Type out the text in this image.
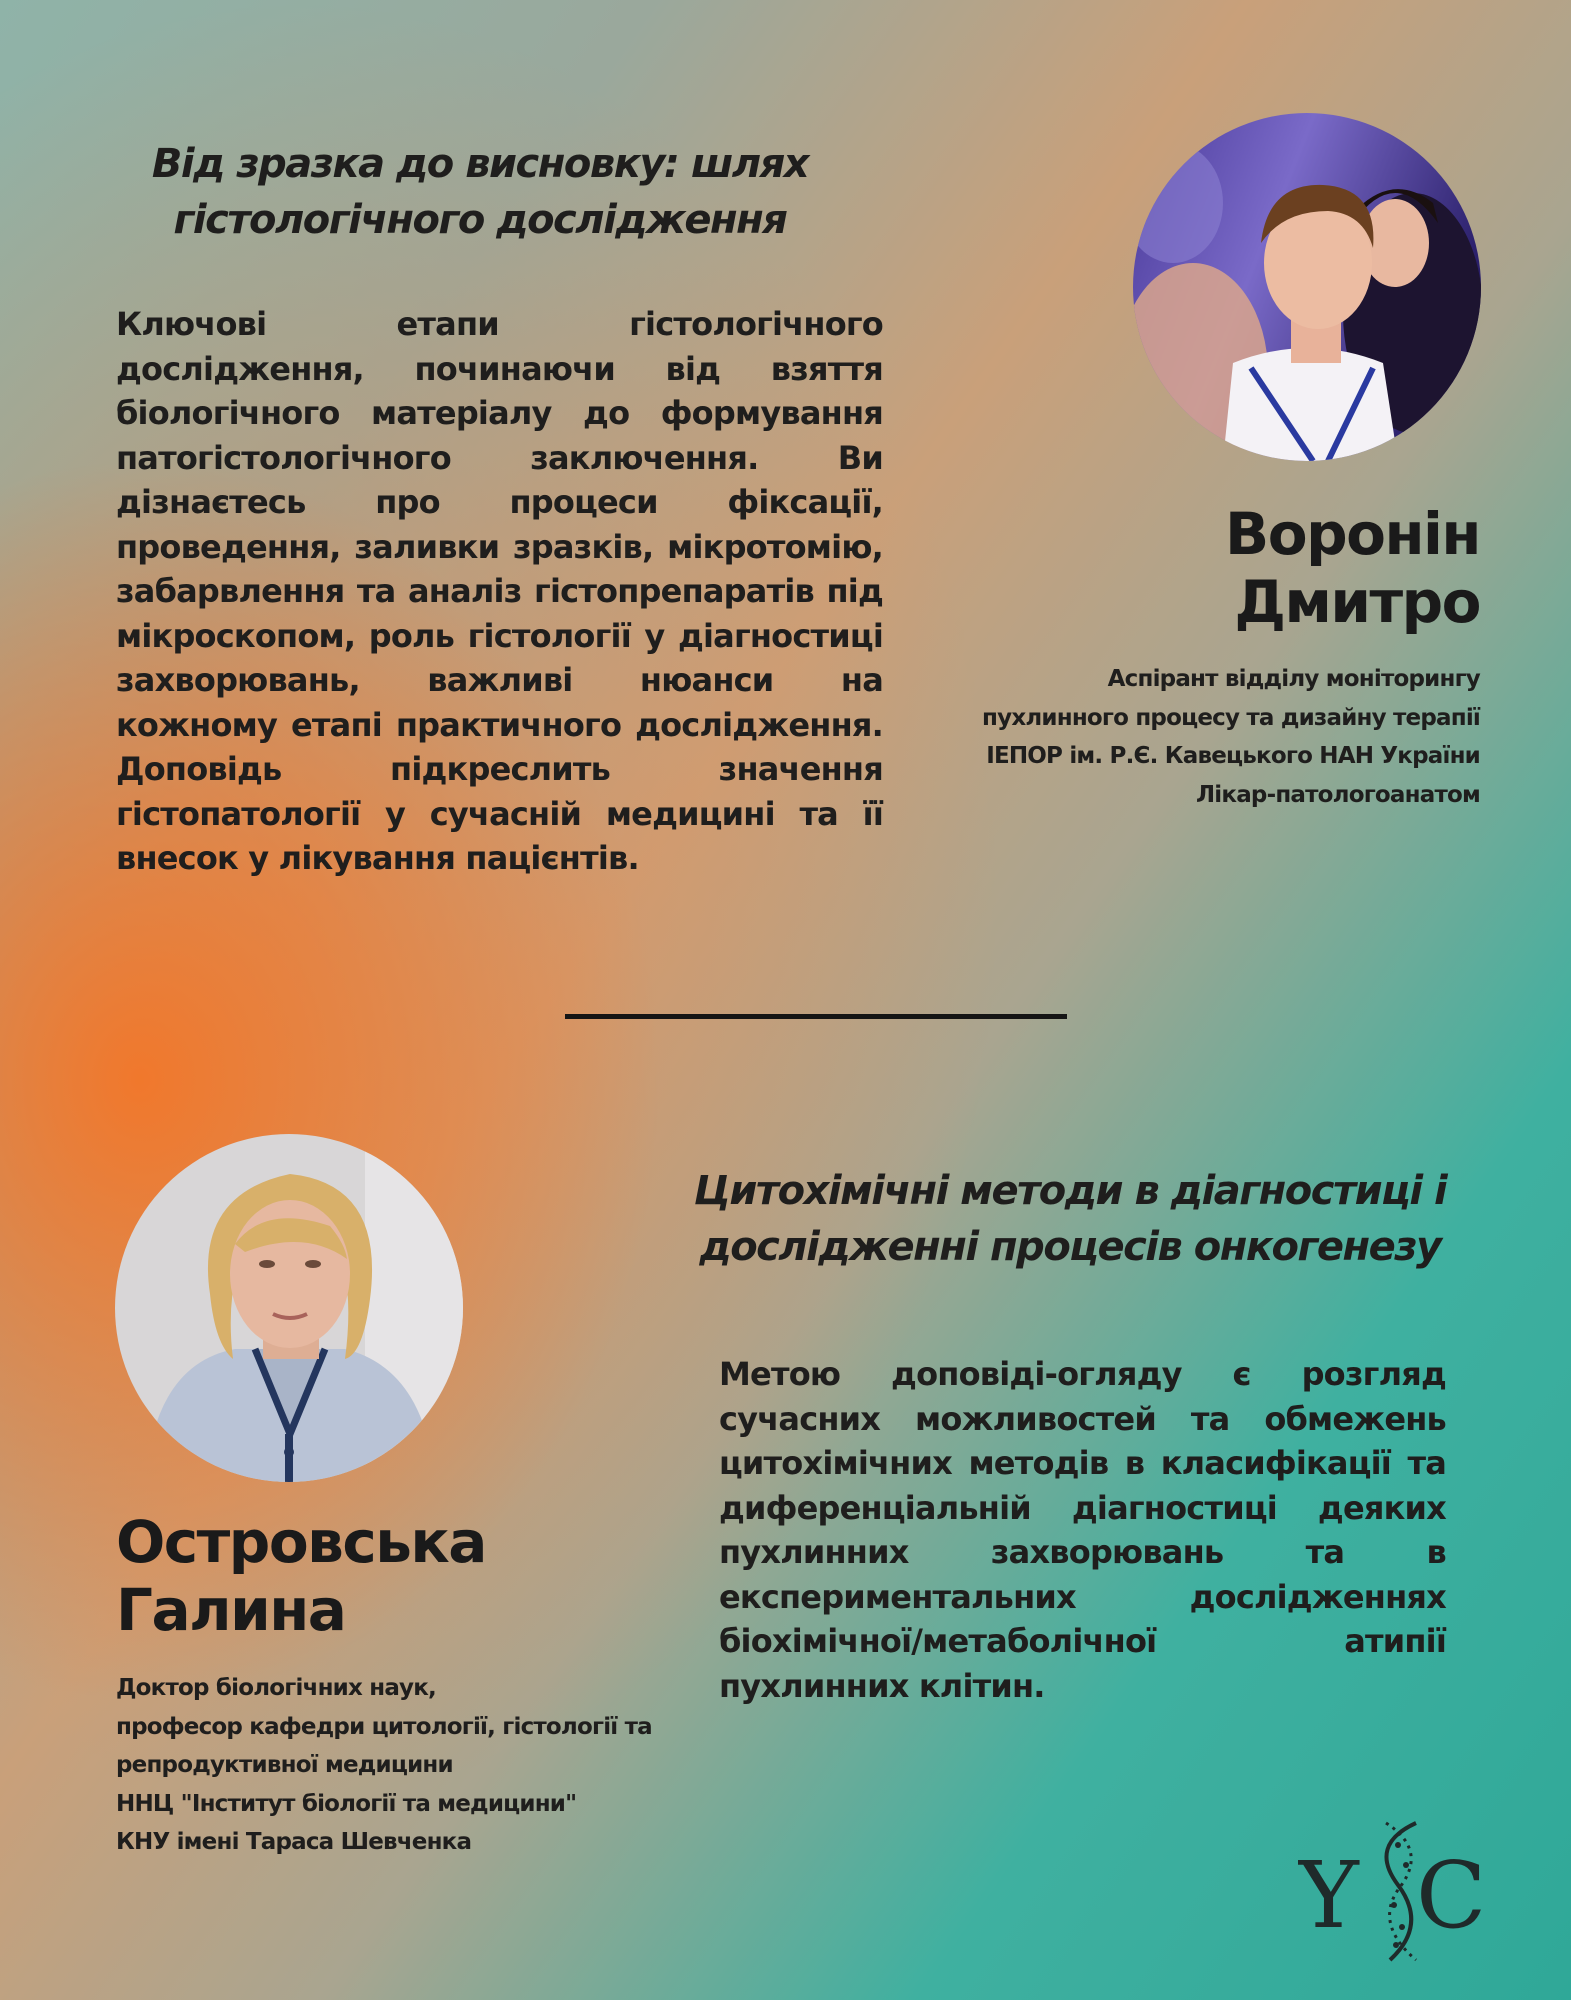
Від зразка до висновку: шлях
гістологічного дослідження

Ключові етапи гістологічного дослідження, починаючи від взяття біологічного матеріалу до формування патогістологічного заключення. Ви дізнаєтесь про процеси фіксації, проведення, заливки зразків, мікротомію, забарвлення та аналіз гістопрепаратів під мікроскопом, роль гістології у діагностиці захворювань, важливі нюанси на кожному етапі практичного дослідження. Доповідь підкреслить значення гістопатології у сучасній медицині та її внесок у лікування пацієнтів.

Воронін
Дмитро
Аспірант відділу моніторингу
пухлинного процесу та дизайну терапії
ІЕПОР ім. Р.Є. Кавецького НАН України
Лікар-патологоанатом
Островська
Галина
Доктор біологічних наук,
професор кафедри цитології, гістології та
репродуктивної медицини
ННЦ "Інститут біології та медицини"
КНУ імені Тараса Шевченка
Цитохімічні методи в діагностиці і
дослідженні процесів онкогенезу

Метою доповіді-огляду є розгляд сучасних можливостей та обмежень цитохімічних методів в класифікації та диференціальній діагностиці деяких пухлинних захворювань та в експериментальних дослідженнях біохімічної/метаболічної атипії пухлинних клітин.

Y C
